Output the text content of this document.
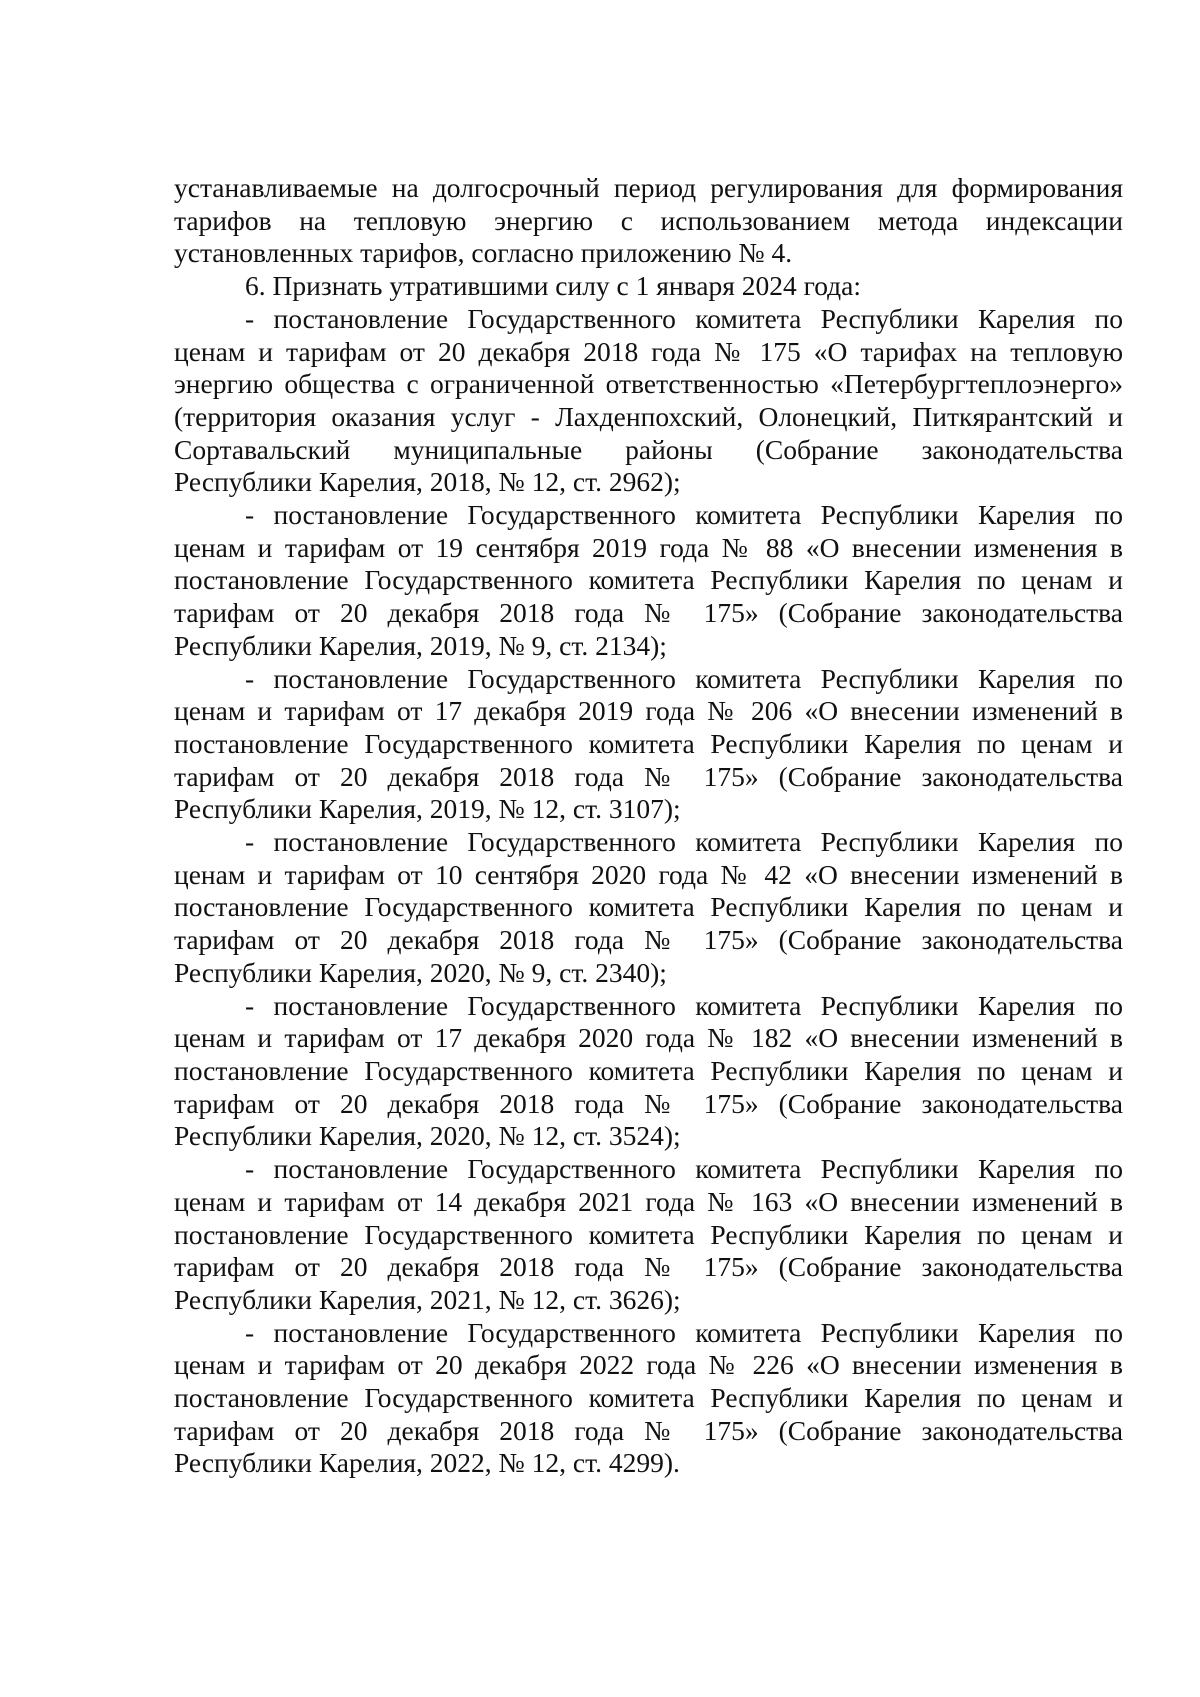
устанавливаемые на долгосрочный период регулирования для формирования тарифов на тепловую энергию с использованием метода индексации установленных тарифов, согласно приложению № 4.

6. Признать утратившими силу с 1 января 2024 года:

- постановление Государственного комитета Республики Карелия по ценам и тарифам от 20 декабря 2018 года № 175 «О тарифах на тепловую энергию общества с ограниченной ответственностью «Петербургтеплоэнерго» (территория оказания услуг - Лахденпохский, Олонецкий, Питкярантский и Сортавальский муниципальные районы (Собрание законодательства Республики Карелия, 2018, № 12, ст. 2962);

- постановление Государственного комитета Республики Карелия по ценам и тарифам от 19 сентября 2019 года № 88 «О внесении изменения в постановление Государственного комитета Республики Карелия по ценам и тарифам от 20 декабря 2018 года № 175» (Собрание законодательства Республики Карелия, 2019, № 9, ст. 2134);

- постановление Государственного комитета Республики Карелия по ценам и тарифам от 17 декабря 2019 года № 206 «О внесении изменений в постановление Государственного комитета Республики Карелия по ценам и тарифам от 20 декабря 2018 года № 175» (Собрание законодательства Республики Карелия, 2019, № 12, ст. 3107);

- постановление Государственного комитета Республики Карелия по ценам и тарифам от 10 сентября 2020 года № 42 «О внесении изменений в постановление Государственного комитета Республики Карелия по ценам и тарифам от 20 декабря 2018 года № 175» (Собрание законодательства Республики Карелия, 2020, № 9, ст. 2340);

- постановление Государственного комитета Республики Карелия по ценам и тарифам от 17 декабря 2020 года № 182 «О внесении изменений в постановление Государственного комитета Республики Карелия по ценам и тарифам от 20 декабря 2018 года № 175» (Собрание законодательства Республики Карелия, 2020, № 12, ст. 3524);

- постановление Государственного комитета Республики Карелия по ценам и тарифам от 14 декабря 2021 года № 163 «О внесении изменений в постановление Государственного комитета Республики Карелия по ценам и тарифам от 20 декабря 2018 года № 175» (Собрание законодательства Республики Карелия, 2021, № 12, ст. 3626);

- постановление Государственного комитета Республики Карелия по ценам и тарифам от 20 декабря 2022 года № 226 «О внесении изменения в постановление Государственного комитета Республики Карелия по ценам и тарифам от 20 декабря 2018 года № 175» (Собрание законодательства Республики Карелия, 2022, № 12, ст. 4299).
